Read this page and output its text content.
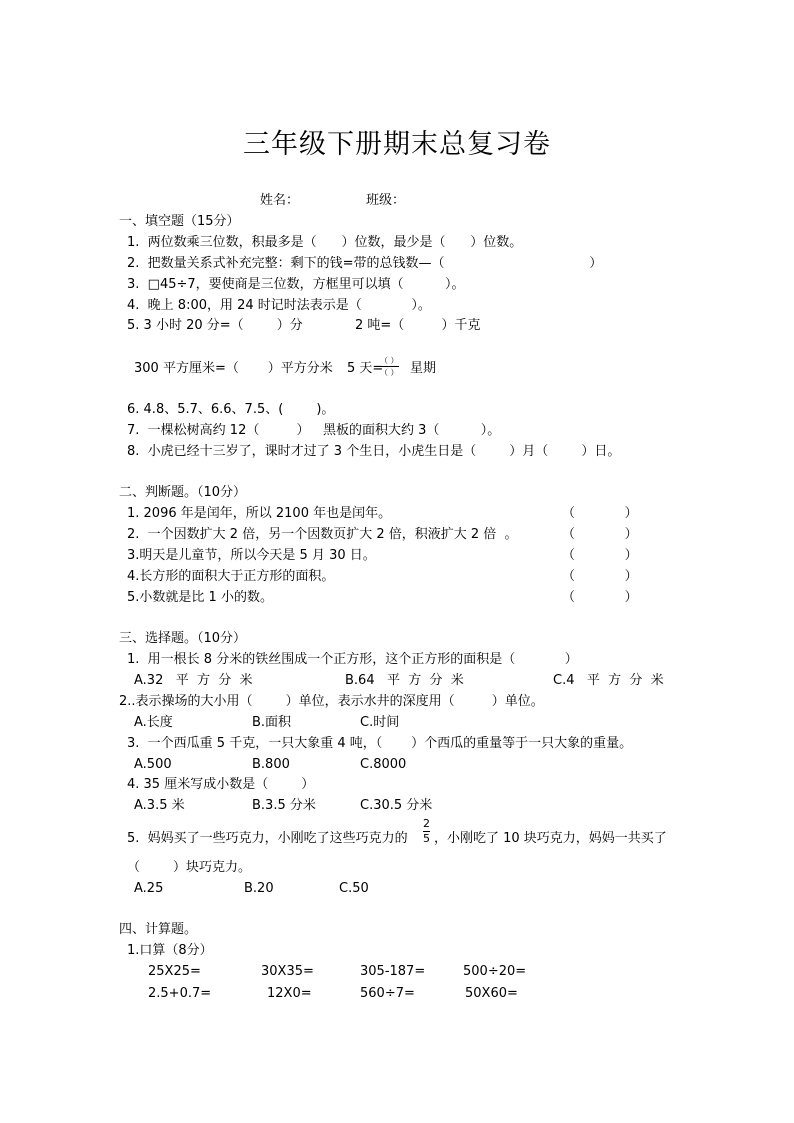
三年级下册期末总复习卷
姓名：	班级：
一、填空题（15分）
1.  两位数乘三位数，积最多是（      ）位数，最少是（      ）位数。
2.  把数量关系式补充完整：剩下的钱=带的总钱数—（                                   ）
3.  □45÷7，要使商是三位数，方框里可以填（          ）。
4.  晚上 8:00，用 24 时记时法表示是（            ）。
5. 3 小时 20 分=（        ）分	2 吨=（         ）千克
300 平方厘米=（       ）平方分米 5 天=
（ ）
（ ） 星期
6. 4.8、5.7、6.6、7.5、(        )。
7.  一棵松树高约 12（         ） 黑板的面积大约 3（          ）。
8.  小虎已经十三岁了，课时才过了 3 个生日，小虎生日是（        ）月（        ）日。
二、判断题。（10分）
1. 2096 年是闰年，所以 2100 年也是闰年。	（            ）
2.  一个因数扩大 2 倍，另一个因数页扩大 2 倍，积液扩大 2 倍  。	（            ）
3.明天是儿童节，所以今天是 5 月 30 日。	（            ）
4.长方形的面积大于正方形的面积。	（            ）
5.小数就是比 1 小的数。	（            ）
三、选择题。（10分）
1.  用一根长 8 分米的铁丝围成一个正方形，这个正方形的面积是（            ）
A.32   平  方  分  米	B.64   平  方  分  米	C.4   平  方  分  米
2..表示操场的大小用（        ）单位，表示水井的深度用（         ）单位。
A.长度	B.面积	C.时间
3.  一个西瓜重 5 千克，一只大象重 4 吨，（       ）个西瓜的重量等于一只大象的重量。
A.500	B.800	C.8000
4. 35 厘米写成小数是（        ）
A.3.5 米	B.3.5 分米	C.30.5 分米
5.  妈妈买了一些巧克力，小刚吃了这些巧克力的
2
5 ，小刚吃了 10 块巧克力，妈妈一共买了
（        ）块巧克力。
A.25	B.20	C.50
四、计算题。
1.口算（8分）
25X25=	30X35=	305-187=	500÷20=
2.5+0.7=	12X0=	560÷7=	50X60=
